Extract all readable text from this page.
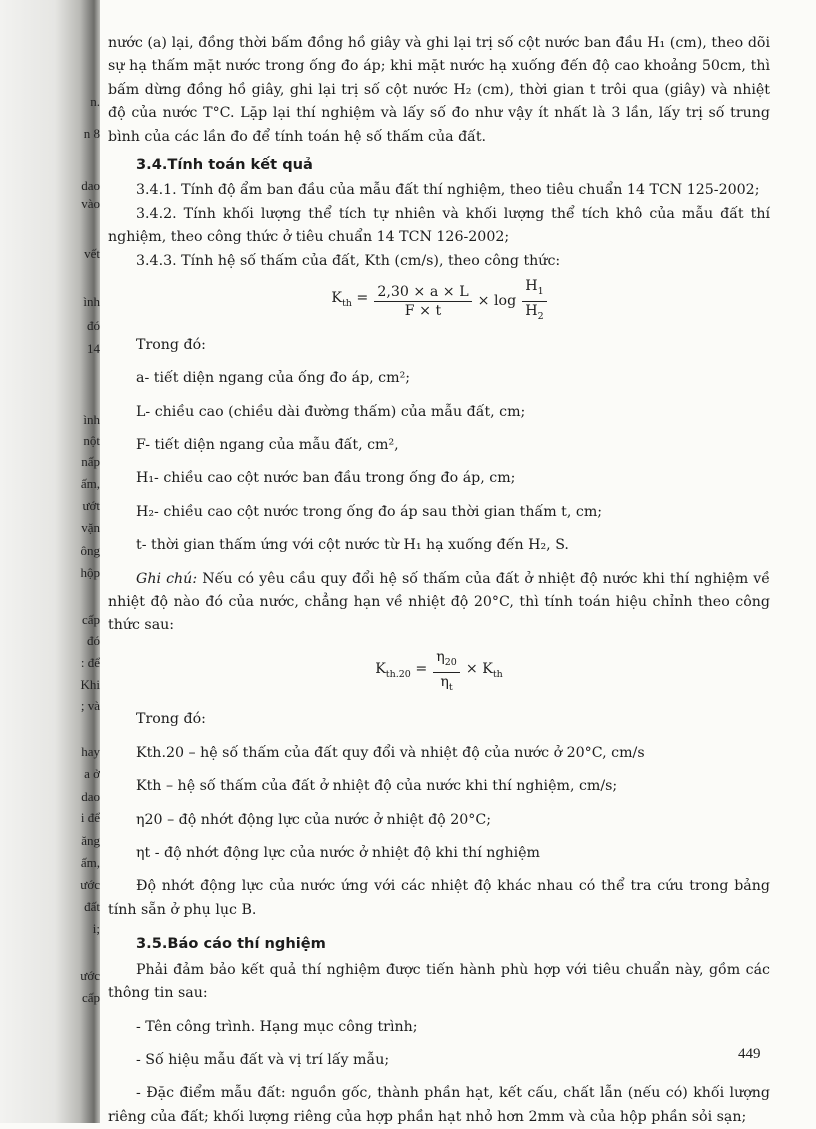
n.
n 8
dao
vào
vết
ình
đó
14
ình
nột
nấp
ấm,
ướt
vặn
ông
hộp
cấp
đó
: để
Khi
; và
hay
a ở
dao
i để
ăng
ấm,
ước
đất
i;
ước
cấp

nước (a) lại, đồng thời bấm đồng hồ giây và ghi lại trị số cột nước ban đầu H₁ (cm), theo dõi sự hạ thấm mặt nước trong ống đo áp; khi mặt nước hạ xuống đến độ cao khoảng 50cm, thì bấm dừng đồng hồ giây, ghi lại trị số cột nước H₂ (cm), thời gian t trôi qua (giây) và nhiệt độ của nước T°C. Lặp lại thí nghiệm và lấy số đo như vậy ít nhất là 3 lần, lấy trị số trung bình của các lần đo để tính toán hệ số thấm của đất.

3.4.Tính toán kết quả

3.4.1. Tính độ ẩm ban đầu của mẫu đất thí nghiệm, theo tiêu chuẩn 14 TCN 125-2002;

3.4.2. Tính khối lượng thể tích tự nhiên và khối lượng thể tích khô của mẫu đất thí nghiệm, theo công thức ở tiêu chuẩn 14 TCN 126-2002;

3.4.3. Tính hệ số thấm của đất, Kth (cm/s), theo công thức:

$K_{th} = \frac{2,30 \times a \times L}{F \times t} \times \log \frac{H_1}{H_2}$

Trong đó:

a- tiết diện ngang của ống đo áp, cm²;

L- chiều cao (chiều dài đường thấm) của mẫu đất, cm;

F- tiết diện ngang của mẫu đất, cm²,

H₁- chiều cao cột nước ban đầu trong ống đo áp, cm;

H₂- chiều cao cột nước trong ống đo áp sau thời gian thấm t, cm;

t- thời gian thấm ứng với cột nước từ H₁ hạ xuống đến H₂, S.

Ghi chú: Nếu có yêu cầu quy đổi hệ số thấm của đất ở nhiệt độ nước khi thí nghiệm về nhiệt độ nào đó của nước, chẳng hạn về nhiệt độ 20°C, thì tính toán hiệu chỉnh theo công thức sau:

$K_{th.20} = \frac{\eta_{20}}{\eta_t} \times K_{th}$

Trong đó:

Kth.20 – hệ số thấm của đất quy đổi và nhiệt độ của nước ở 20°C, cm/s

Kth – hệ số thấm của đất ở nhiệt độ của nước khi thí nghiệm, cm/s;

η20 – độ nhớt động lực của nước ở nhiệt độ 20°C;

ηt - độ nhớt động lực của nước ở nhiệt độ khi thí nghiệm

Độ nhớt động lực của nước ứng với các nhiệt độ khác nhau có thể tra cứu trong bảng tính sẵn ở phụ lục B.

3.5.Báo cáo thí nghiệm

Phải đảm bảo kết quả thí nghiệm được tiến hành phù hợp với tiêu chuẩn này, gồm các thông tin sau:

- Tên công trình. Hạng mục công trình;

- Số hiệu mẫu đất và vị trí lấy mẫu;

- Đặc điểm mẫu đất: nguồn gốc, thành phần hạt, kết cấu, chất lẫn (nếu có) khối lượng riêng của đất; khối lượng riêng của hợp phần hạt nhỏ hơn 2mm và của hộp phần sỏi sạn;

449
